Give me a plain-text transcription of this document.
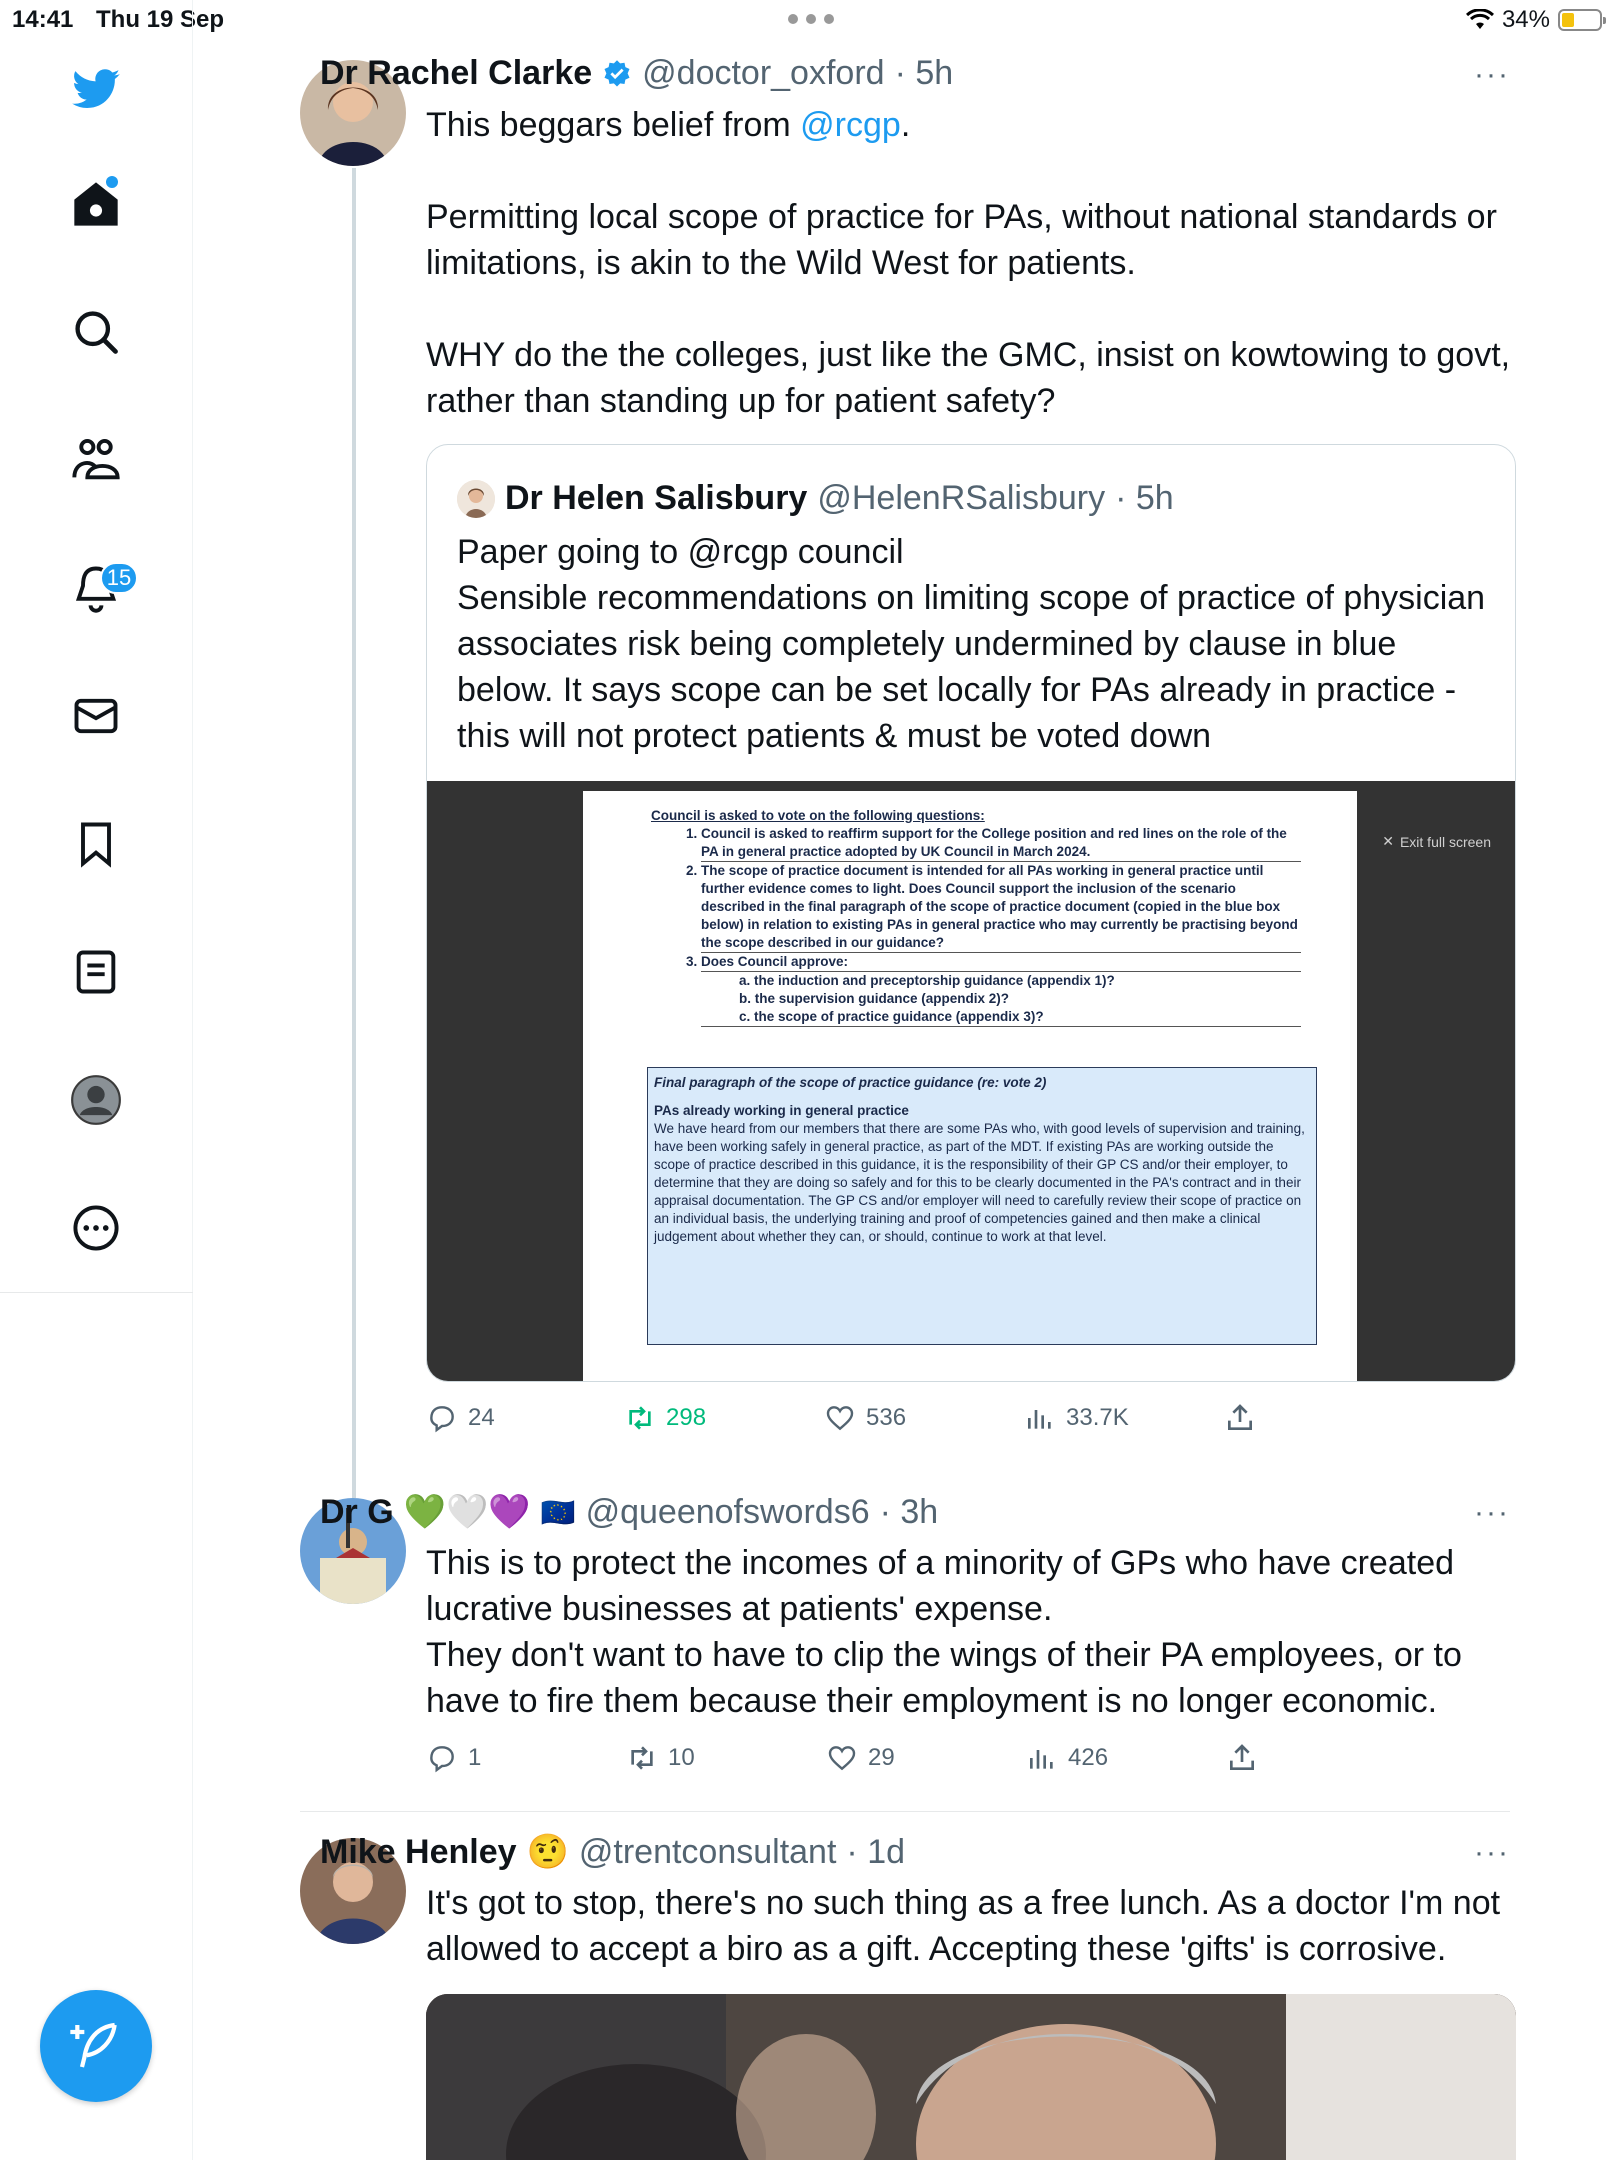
14:41 Thu 19 Sep	34%
15
Dr Rachel Clarke @doctor_oxford · 5h	···
This beggars belief from @rcgp.

Permitting local scope of practice for PAs, without national standards or limitations, is akin to the Wild West for patients.

WHY do the the colleges, just like the GMC, insist on kowtowing to govt, rather than standing up for patient safety?
Dr Helen Salisbury @HelenRSalisbury · 5h
Paper going to @rcgp council
Sensible recommendations on limiting scope of practice of physician associates risk being completely undermined by clause in blue below. It says scope can be set locally for PAs already in practice - this will not protect patients & must be voted down
✕ Exit full screen
Council is asked to vote on the following questions:
1. Council is asked to reaffirm support for the College position and red lines on the role of the PA in general practice adopted by UK Council in March 2024.
2. The scope of practice document is intended for all PAs working in general practice until further evidence comes to light. Does Council support the inclusion of the scenario described in the final paragraph of the scope of practice document (copied in the blue box below) in relation to existing PAs in general practice who may currently be practising beyond the scope described in our guidance?
3. Does Council approve:
a. the induction and preceptorship guidance (appendix 1)?
b. the supervision guidance (appendix 2)?
c. the scope of practice guidance (appendix 3)?
Final paragraph of the scope of practice guidance (re: vote 2)
PAs already working in general practice
We have heard from our members that there are some PAs who, with good levels of supervision and training, have been working safely in general practice, as part of the MDT. If existing PAs are working outside the scope of practice described in this guidance, it is the responsibility of their GP CS and/or their employer, to determine that they are doing so safely and for this to be clearly documented in the PA's contract and in their appraisal documentation. The GP CS and/or employer will need to carefully review their scope of practice on an individual basis, the underlying training and proof of competencies gained and then make a clinical judgement about whether they can, or should, continue to work at that level.
24	298	536	33.7K
Dr G 💚🤍💜 🇪🇺 @queenofswords6 · 3h	···
This is to protect the incomes of a minority of GPs who have created lucrative businesses at patients' expense.
They don't want to have to clip the wings of their PA employees, or to have to fire them because their employment is no longer economic.
1	10	29	426
Mike Henley 🤨 @trentconsultant · 1d	···
It's got to stop, there's no such thing as a free lunch. As a doctor I'm not allowed to accept a biro as a gift. Accepting these 'gifts' is corrosive.
